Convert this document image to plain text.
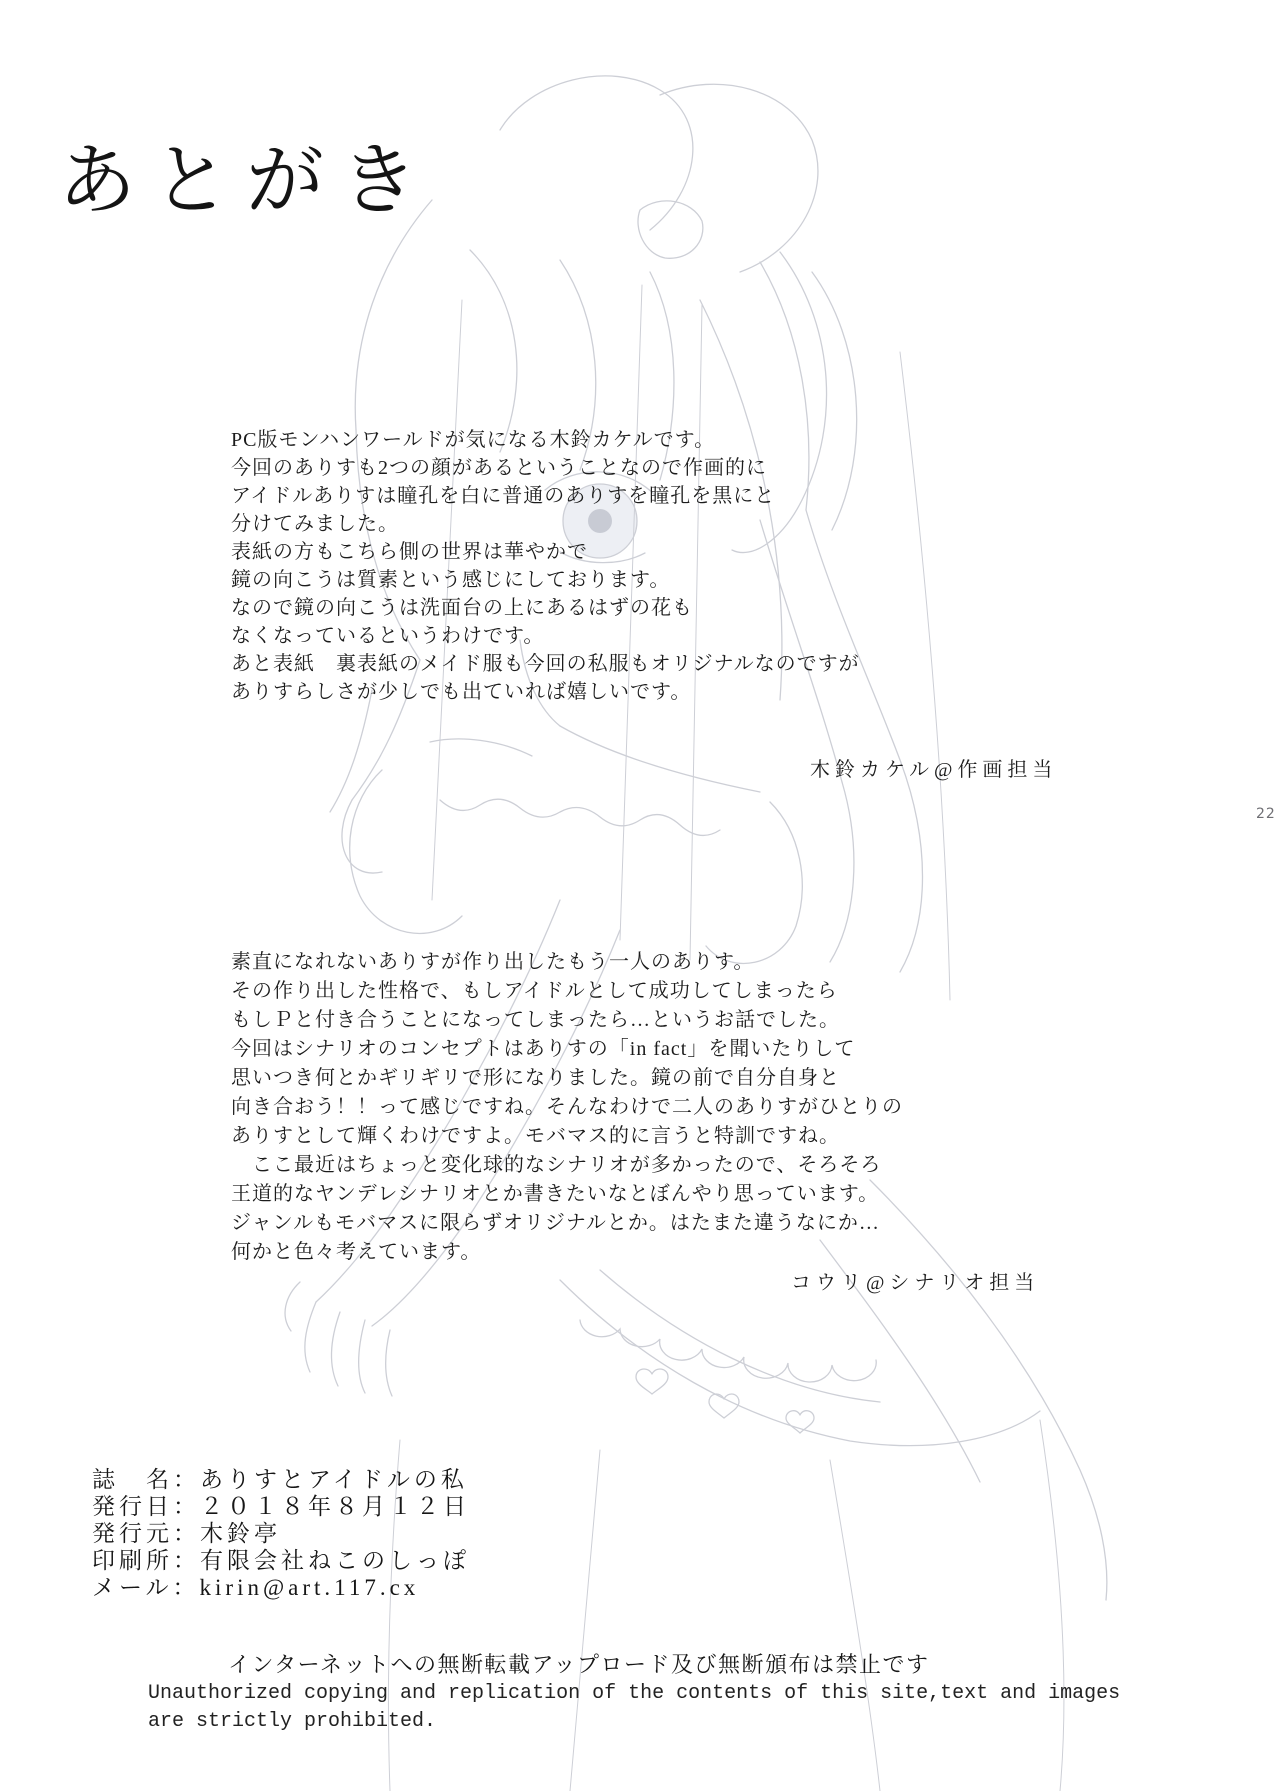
あとがき
PC版モンハンワールドが気になる木鈴カケルです。
今回のありすも2つの顔があるということなので作画的に
アイドルありすは瞳孔を白に普通のありすを瞳孔を黒にと
分けてみました。
表紙の方もこちら側の世界は華やかで
鏡の向こうは質素という感じにしております。
なので鏡の向こうは洗面台の上にあるはずの花も
なくなっているというわけです。
あと表紙　裏表紙のメイド服も今回の私服もオリジナルなのですが
ありすらしさが少しでも出ていれば嬉しいです。
木鈴カケル@作画担当
22
素直になれないありすが作り出したもう一人のありす。
その作り出した性格で、もしアイドルとして成功してしまったら
もしＰと付き合うことになってしまったら…というお話でした。
今回はシナリオのコンセプトはありすの「in fact」を聞いたりして
思いつき何とかギリギリで形になりました。鏡の前で自分自身と
向き合おう！！って感じですね。そんなわけで二人のありすがひとりの
ありすとして輝くわけですよ。モバマス的に言うと特訓ですね。
　ここ最近はちょっと変化球的なシナリオが多かったので、そろそろ
王道的なヤンデレシナリオとか書きたいなとぼんやり思っています。
ジャンルもモバマスに限らずオリジナルとか。はたまた違うなにか…
何かと色々考えています。
コウリ@シナリオ担当
誌　名：ありすとアイドルの私
発行日：２０１８年８月１２日
発行元：木鈴亭
印刷所：有限会社ねこのしっぽ
メール：kirin@art.117.cx
インターネットへの無断転載アップロード及び無断頒布は禁止です
Unauthorized copying and replication of the contents of this site,text and images
are strictly prohibited.
